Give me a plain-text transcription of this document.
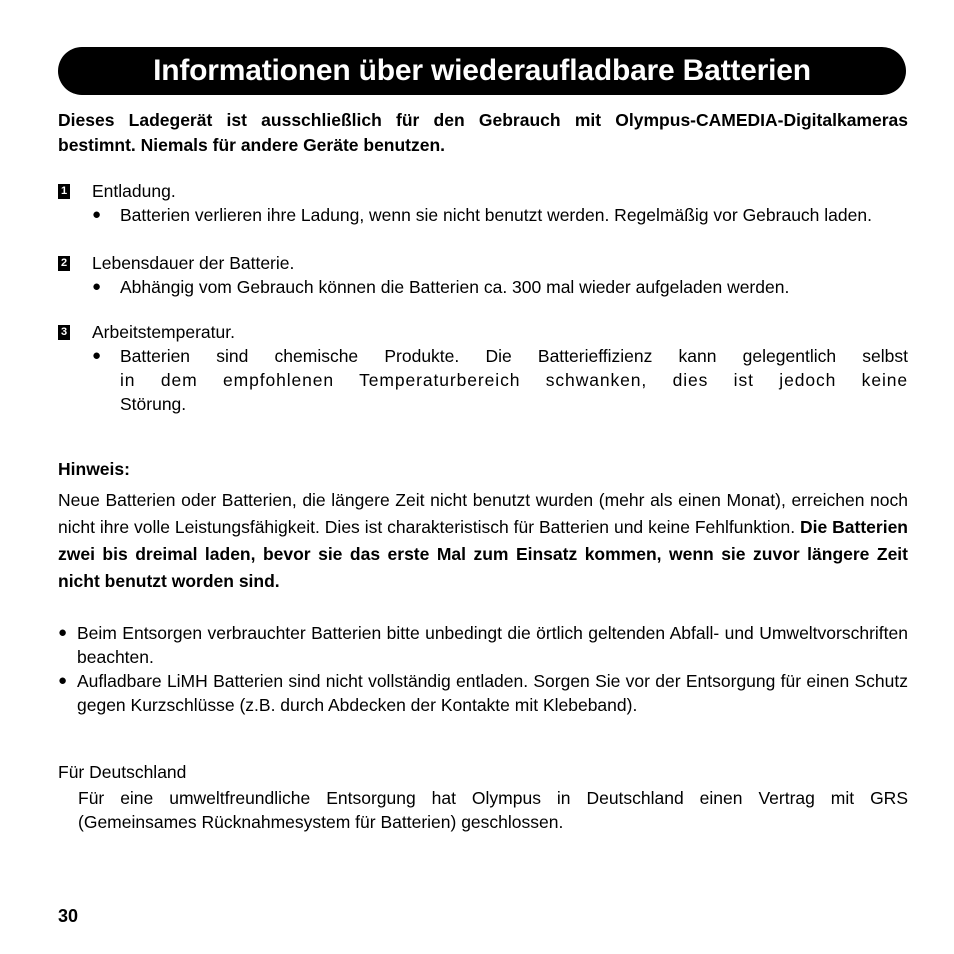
Informationen über wiederaufladbare Batterien
Dieses Ladegerät ist ausschließlich für den Gebrauch mit Olympus-CAMEDIA-Digitalkameras bestimnt. Niemals für andere Geräte benutzen.
1 Entladung.
●	Batterien verlieren ihre Ladung, wenn sie nicht benutzt werden. Regelmäßig vor Gebrauch laden.
2 Lebensdauer der Batterie.
●	Abhängig vom Gebrauch können die Batterien ca. 300 mal wieder aufgeladen werden.
3 Arbeitstemperatur.
●	Batterien sind chemische Produkte. Die Batterieffizienz kann gelegentlich selbst
in dem empfohlenen Temperaturbereich schwanken, dies ist jedoch keine
Störung.
Hinweis:
Neue Batterien oder Batterien, die längere Zeit nicht benutzt wurden (mehr als einen Monat), erreichen noch nicht ihre volle Leistungsfähigkeit. Dies ist charakteristisch für Batterien und keine Fehlfunktion. Die Batterien zwei bis dreimal laden, bevor sie das erste Mal zum Einsatz kommen, wenn sie zuvor längere Zeit nicht benutzt worden sind.
● Beim Entsorgen verbrauchter Batterien bitte unbedingt die örtlich geltenden Abfall- und Umweltvorschriften beachten.
● Aufladbare LiMH Batterien sind nicht vollständig entladen. Sorgen Sie vor der Entsorgung für einen Schutz gegen Kurzschlüsse (z.B. durch Abdecken der Kontakte mit Klebeband).
Für Deutschland
Für eine umweltfreundliche Entsorgung hat Olympus in Deutschland einen Vertrag mit GRS (Gemeinsames Rücknahmesystem für Batterien) geschlossen.
30
